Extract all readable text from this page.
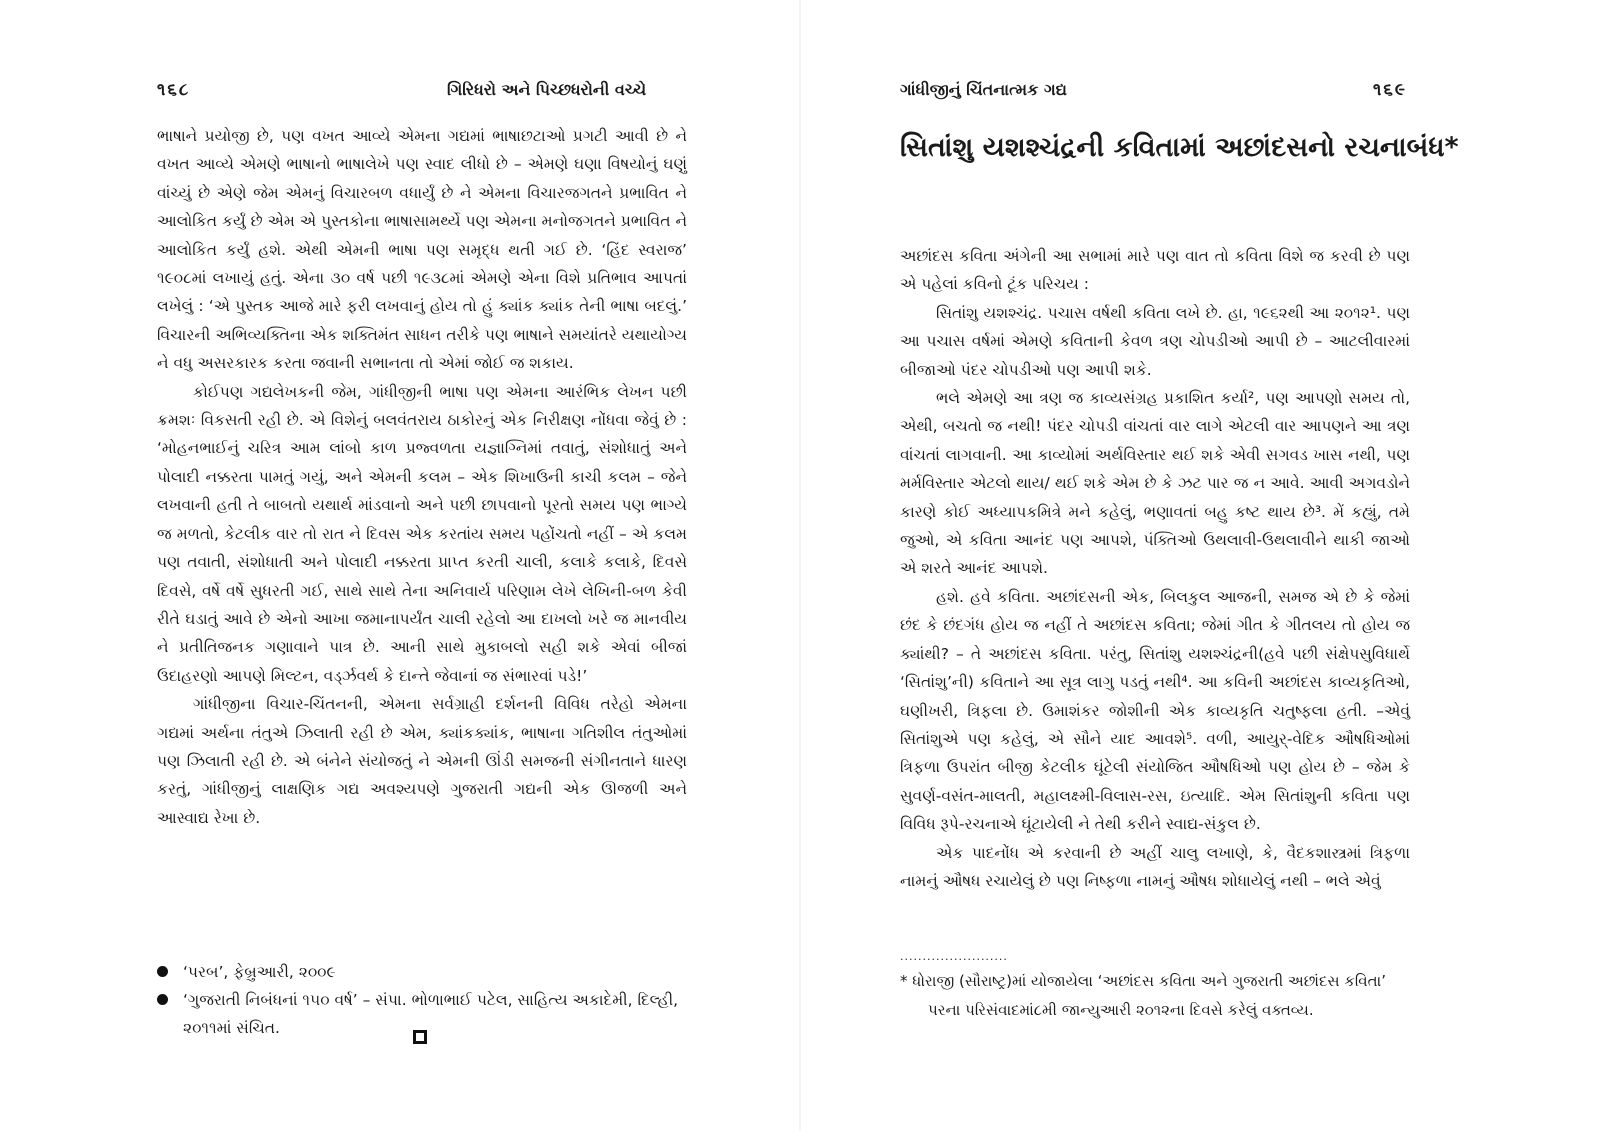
૧૬૮	ગિરિધરો અને પિચ્છધરોની વચ્ચે

ભાષાને પ્રયોજી છે, પણ વખત આવ્યે એમના ગદ્યમાં ભાષાછટાઓ પ્રગટી આવી છે ને વખત આવ્યે એમણે ભાષાનો ભાષાલેખે પણ સ્વાદ લીધો છે – એમણે ઘણા વિષયોનું ઘણું વાંચ્યું છે એણે જેમ એમનું વિચારબળ વધાર્યું છે ને એમના વિચારજગતને પ્રભાવિત ને આલોકિત કર્યું છે એમ એ પુસ્તકોના ભાષાસામર્થ્યે પણ એમના મનોજગતને પ્રભાવિત ને આલોકિત કર્યું હશે. એથી એમની ભાષા પણ સમૃદ્ધ થતી ગઈ છે. ‘હિંદ સ્વરાજ’ ૧૯૦૮માં લખાયું હતું. એના ૩૦ વર્ષ પછી ૧૯૩૮માં એમણે એના વિશે પ્રતિભાવ આપતાં લખેલું : ‘એ પુસ્તક આજે મારે ફરી લખવાનું હોય તો હું ક્યાંક ક્યાંક તેની ભાષા બદલું.’ વિચારની અભિવ્યક્તિના એક શક્તિમંત સાધન તરીકે પણ ભાષાને સમયાંતરે યથાયોગ્ય ને વધુ અસરકારક કરતા જવાની સભાનતા તો એમાં જોઈ જ શકાય.

કોઈપણ ગદ્યલેખકની જેમ, ગાંધીજીની ભાષા પણ એમના આરંભિક લેખન પછી ક્રમશઃ વિકસતી રહી છે. એ વિશેનું બલવંતરાય ઠાકોરનું એક નિરીક્ષણ નોંધવા જેવું છે : ‘મોહનભાઈનું ચરિત્ર આમ લાંબો કાળ પ્રજ્વળતા યજ્ઞાગ્નિમાં તવાતું, સંશોધાતું અને પોલાદી નક્કરતા પામતું ગયું, અને એમની કલમ – એક શિખાઉની કાચી કલમ – જેને લખવાની હતી તે બાબતો યથાર્થ માંડવાનો અને પછી છાપવાનો પૂરતો સમય પણ ભાગ્યે જ મળતો, કેટલીક વાર તો રાત ને દિવસ એક કરતાંય સમય પહોંચતો નહીં – એ કલમ પણ તવાતી, સંશોધાતી અને પોલાદી નક્કરતા પ્રાપ્ત કરતી ચાલી, કલાકે કલાકે, દિવસે દિવસે, વર્ષે વર્ષે સુધરતી ગઈ, સાથે સાથે તેના અનિવાર્ય પરિણામ લેખે લેખિની-બળ કેવી રીતે ઘડાતું આવે છે એનો આખા જમાનાપર્યંત ચાલી રહેલો આ દાખલો ખરે જ માનવીય ને પ્રતીતિજનક ગણાવાને પાત્ર છે. આની સાથે મુકાબલો સહી શકે એવાં બીજાં ઉદાહરણો આપણે મિલ્ટન, વર્ડ્ઝવર્થ કે દાન્તે જેવાનાં જ સંભારવાં પડે!’

ગાંધીજીના વિચાર-ચિંતનની, એમના સર્વગ્રાહી દર્શનની વિવિધ તરેહો એમના ગદ્યમાં અર્થના તંતુએ ઝિલાતી રહી છે એમ, ક્યાંકક્યાંક, ભાષાના ગતિશીલ તંતુઓમાં પણ ઝિલાતી રહી છે. એ બંનેને સંયોજતું ને એમની ઊંડી સમજની સંગીનતાને ધારણ કરતું, ગાંધીજીનું લાક્ષણિક ગદ્ય અવશ્યપણે ગુજરાતી ગદ્યની એક ઊજળી અને આસ્વાદ્ય રેખા છે.

‘પરબ’, ફેબ્રુઆરી, ૨૦૦૯
‘ગુજરાતી નિબંધનાં ૧૫૦ વર્ષ’ – સંપા. ભોળાભાઈ પટેલ, સાહિત્ય અકાદેમી, દિલ્હી, ૨૦૧૧માં સંચિત.
ગાંધીજીનું ચિંતનાત્મક ગદ્ય	૧૬૯
સિતાંશુ યશશ્ચંદ્રની કવિતામાં અછાંદસનો રચનાબંધ*

અછાંદસ કવિતા અંગેની આ સભામાં મારે પણ વાત તો કવિતા વિશે જ કરવી છે પણ એ પહેલાં કવિનો ટૂંક પરિચય :

સિતાંશુ યશશ્ચંદ્ર. પચાસ વર્ષથી કવિતા લખે છે. હા, ૧૯૬૨થી આ ૨૦૧૨¹. પણ આ પચાસ વર્ષમાં એમણે કવિતાની કેવળ ત્રણ ચોપડીઓ આપી છે – આટલીવારમાં બીજાઓ પંદર ચોપડીઓ પણ આપી શકે.

ભલે એમણે આ ત્રણ જ કાવ્યસંગ્રહ પ્રકાશિત કર્યા², પણ આપણો સમય તો, એથી, બચતો જ નથી! પંદર ચોપડી વાંચતાં વાર લાગે એટલી વાર આપણને આ ત્રણ વાંચતાં લાગવાની. આ કાવ્યોમાં અર્થવિસ્તાર થઈ શકે એવી સગવડ ખાસ નથી, પણ મર્મવિસ્તાર એટલો થાય/ થઈ શકે એમ છે કે ઝટ પાર જ ન આવે. આવી અગવડોને કારણે કોઈ અધ્યાપકમિત્રે મને કહેલું, ભણાવતાં બહુ કષ્ટ થાય છે³. મેં કહ્યું, તમે જુઓ, એ કવિતા આનંદ પણ આપશે, પંક્તિઓ ઉથલાવી-ઉથલાવીને થાકી જાઓ એ શરતે આનંદ આપશે.

હશે. હવે કવિતા. અછાંદસની એક, બિલકુલ આજની, સમજ એ છે કે જેમાં છંદ કે છંદગંધ હોય જ નહીં તે અછાંદસ કવિતા; જેમાં ગીત કે ગીતલય તો હોય જ ક્યાંથી? – તે અછાંદસ કવિતા. પરંતુ, સિતાંશુ યશશ્ચંદ્રની(હવે પછી સંક્ષેપસુવિધાર્થે ‘સિતાંશુ’ની) કવિતાને આ સૂત્ર લાગુ પડતું નથી⁴. આ કવિની અછાંદસ કાવ્યકૃતિઓ, ઘણીખરી, ત્રિફલા છે. ઉમાશંકર જોશીની એક કાવ્યકૃતિ ચતુષ્ફલા હતી. –એવું સિતાંશુએ પણ કહેલું, એ સૌને યાદ આવશે⁵. વળી, આયુર્-વેદિક ઔષધિઓમાં ત્રિફળા ઉપરાંત બીજી કેટલીક ઘૂંટેલી સંયોજિત ઔષધિઓ પણ હોય છે – જેમ કે સુવર્ણ-વસંત-માલતી, મહાલક્ષ્મી-વિલાસ-રસ, ઇત્યાદિ. એમ સિતાંશુની કવિતા પણ વિવિધ રૂપે-રચનાએ ઘૂંટાયેલી ને તેથી કરીને સ્વાદ્ય-સંકુલ છે.

એક પાદનોંધ એ કરવાની છે અહીં ચાલુ લખાણે, કે, વૈદકશાસ્ત્રમાં ત્રિફળા નામનું ઔષધ રચાયેલું છે પણ નિષ્ફળા નામનું ઔષધ શોધાયેલું નથી – ભલે એવું

........................
* ધોરાજી (સૌરાષ્ટ્ર)માં યોજાયેલા ‘અછાંદસ કવિતા અને ગુજરાતી અછાંદસ કવિતા’
પરના પરિસંવાદમાં૮મી જાન્યુઆરી ૨૦૧૨ના દિવસે કરેલું વક્તવ્ય.
